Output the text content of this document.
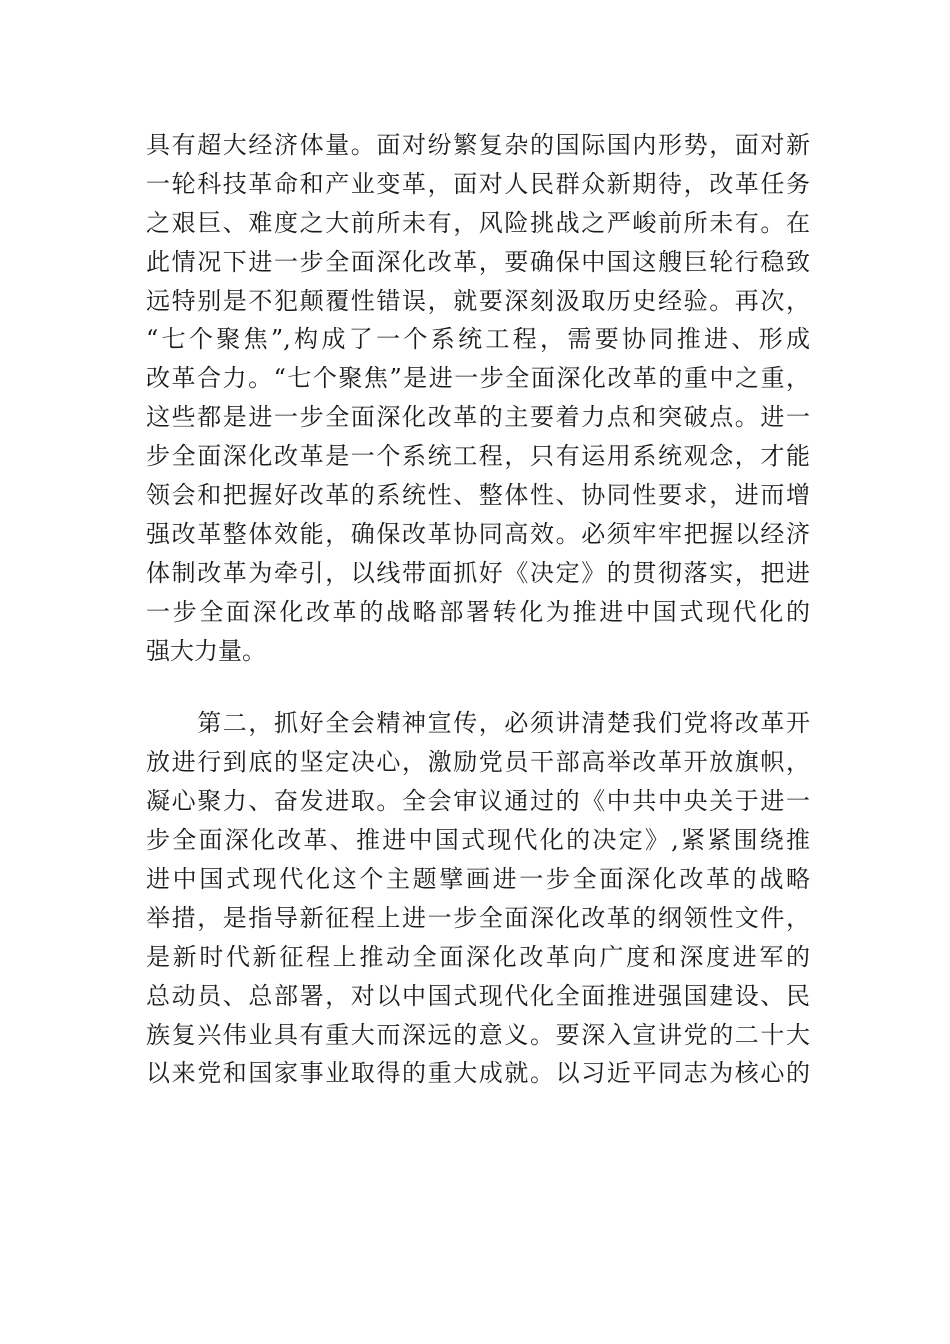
具有超大经济体量。面对纷繁复杂的国际国内形势，面对新
一轮科技革命和产业变革，面对人民群众新期待，改革任务
之艰巨、难度之大前所未有，风险挑战之严峻前所未有。在
此情况下进一步全面深化改革，要确保中国这艘巨轮行稳致
远特别是不犯颠覆性错误，就要深刻汲取历史经验。再次，
“七个聚焦”,构成了一个系统工程，需要协同推进、形成
改革合力。“七个聚焦”是进一步全面深化改革的重中之重，
这些都是进一步全面深化改革的主要着力点和突破点。进一
步全面深化改革是一个系统工程，只有运用系统观念，才能
领会和把握好改革的系统性、整体性、协同性要求，进而增
强改革整体效能，确保改革协同高效。必须牢牢把握以经济
体制改革为牵引，以线带面抓好《决定》的贯彻落实，把进
一步全面深化改革的战略部署转化为推进中国式现代化的
强大力量。
　　第二，抓好全会精神宣传，必须讲清楚我们党将改革开
放进行到底的坚定决心，激励党员干部高举改革开放旗帜，
凝心聚力、奋发进取。全会审议通过的《中共中央关于进一
步全面深化改革、推进中国式现代化的决定》,紧紧围绕推
进中国式现代化这个主题擘画进一步全面深化改革的战略
举措，是指导新征程上进一步全面深化改革的纲领性文件，
是新时代新征程上推动全面深化改革向广度和深度进军的
总动员、总部署，对以中国式现代化全面推进强国建设、民
族复兴伟业具有重大而深远的意义。要深入宣讲党的二十大
以来党和国家事业取得的重大成就。以习近平同志为核心的
